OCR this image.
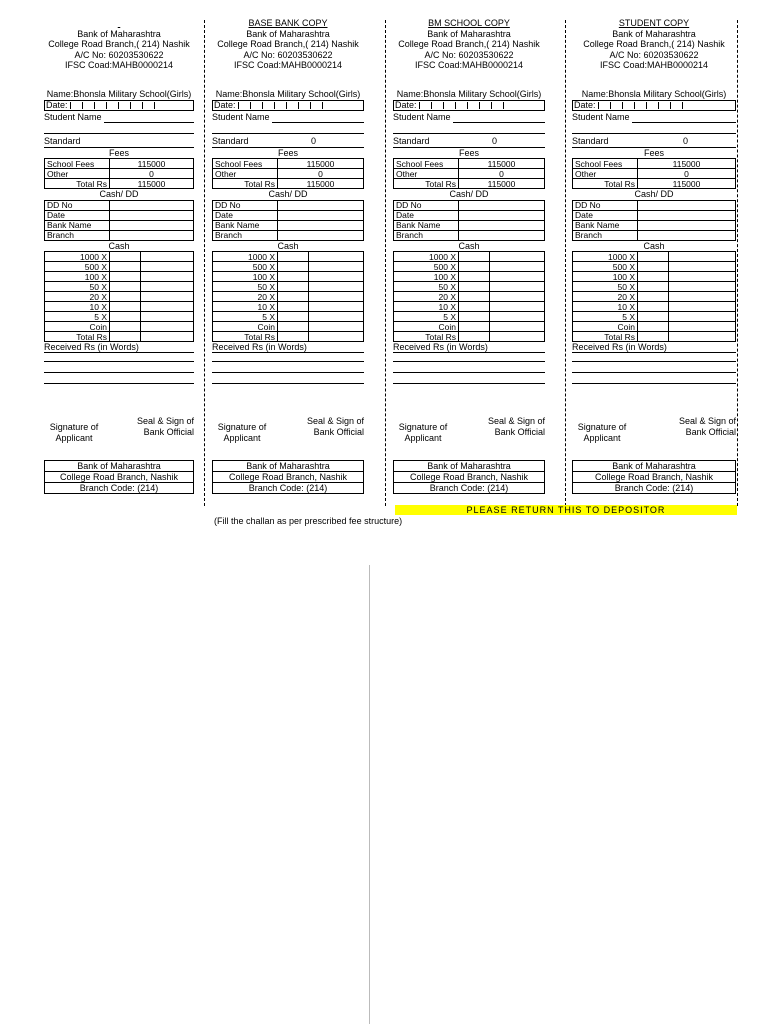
Bank of Maharashtra
College Road Branch,( 214) Nashik
A/C No: 60203530622
IFSC Coad:MAHB0000214
Name:Bhonsla Military School(Girls)
Date:
Student Name
Standard
Fees
School Fees	115000
Other	0
Total Rs	115000
Cash/ DD
DD No	
Date	
Bank Name	
Branch	
Cash
1000 X		
500 X		
100 X		
50 X		
20 X		
10 X		
5 X		
Coin		
Total Rs		
Received Rs (in Words)
Signature of Applicant
Seal & Sign of Bank Official
Bank of Maharashtra
College Road Branch, Nashik
Branch Code: (214)
BASE BANK COPY
Bank of Maharashtra
College Road Branch,( 214) Nashik
A/C No: 60203530622
IFSC Coad:MAHB0000214
Name:Bhonsla Military School(Girls)
Date:
Student Name
Standard	0
Fees
School Fees	115000
Other	0
Total Rs	115000
Cash/ DD
DD No	
Date	
Bank Name	
Branch	
Cash
1000 X		
500 X		
100 X		
50 X		
20 X		
10 X		
5 X		
Coin		
Total Rs		
Received Rs (in Words)
Signature of Applicant
Seal & Sign of Bank Official
Bank of Maharashtra
College Road Branch, Nashik
Branch Code: (214)
BM SCHOOL COPY
Bank of Maharashtra
College Road Branch,( 214) Nashik
A/C No: 60203530622
IFSC Coad:MAHB0000214
Name:Bhonsla Military School(Girls)
Date:
Student Name
Standard	0
Fees
School Fees	115000
Other	0
Total Rs	115000
Cash/ DD
DD No	
Date	
Bank Name	
Branch	
Cash
1000 X		
500 X		
100 X		
50 X		
20 X		
10 X		
5 X		
Coin		
Total Rs		
Received Rs (in Words)
Signature of Applicant
Seal & Sign of Bank Official
Bank of Maharashtra
College Road Branch, Nashik
Branch Code: (214)
STUDENT COPY
Bank of Maharashtra
College Road Branch,( 214) Nashik
A/C No: 60203530622
IFSC Coad:MAHB0000214
Name:Bhonsla Military School(Girls)
Date:
Student Name
Standard	0
Fees
School Fees	115000
Other	0
Total Rs	115000
Cash/ DD
DD No	
Date	
Bank Name	
Branch	
Cash
1000 X		
500 X		
100 X		
50 X		
20 X		
10 X		
5 X		
Coin		
Total Rs		
Received Rs (in Words)
Signature of Applicant
Seal & Sign of Bank Official
Bank of Maharashtra
College Road Branch, Nashik
Branch Code: (214)
PLEASE RETURN THIS TO DEPOSITOR
(Fill the challan as per prescribed fee structure)
